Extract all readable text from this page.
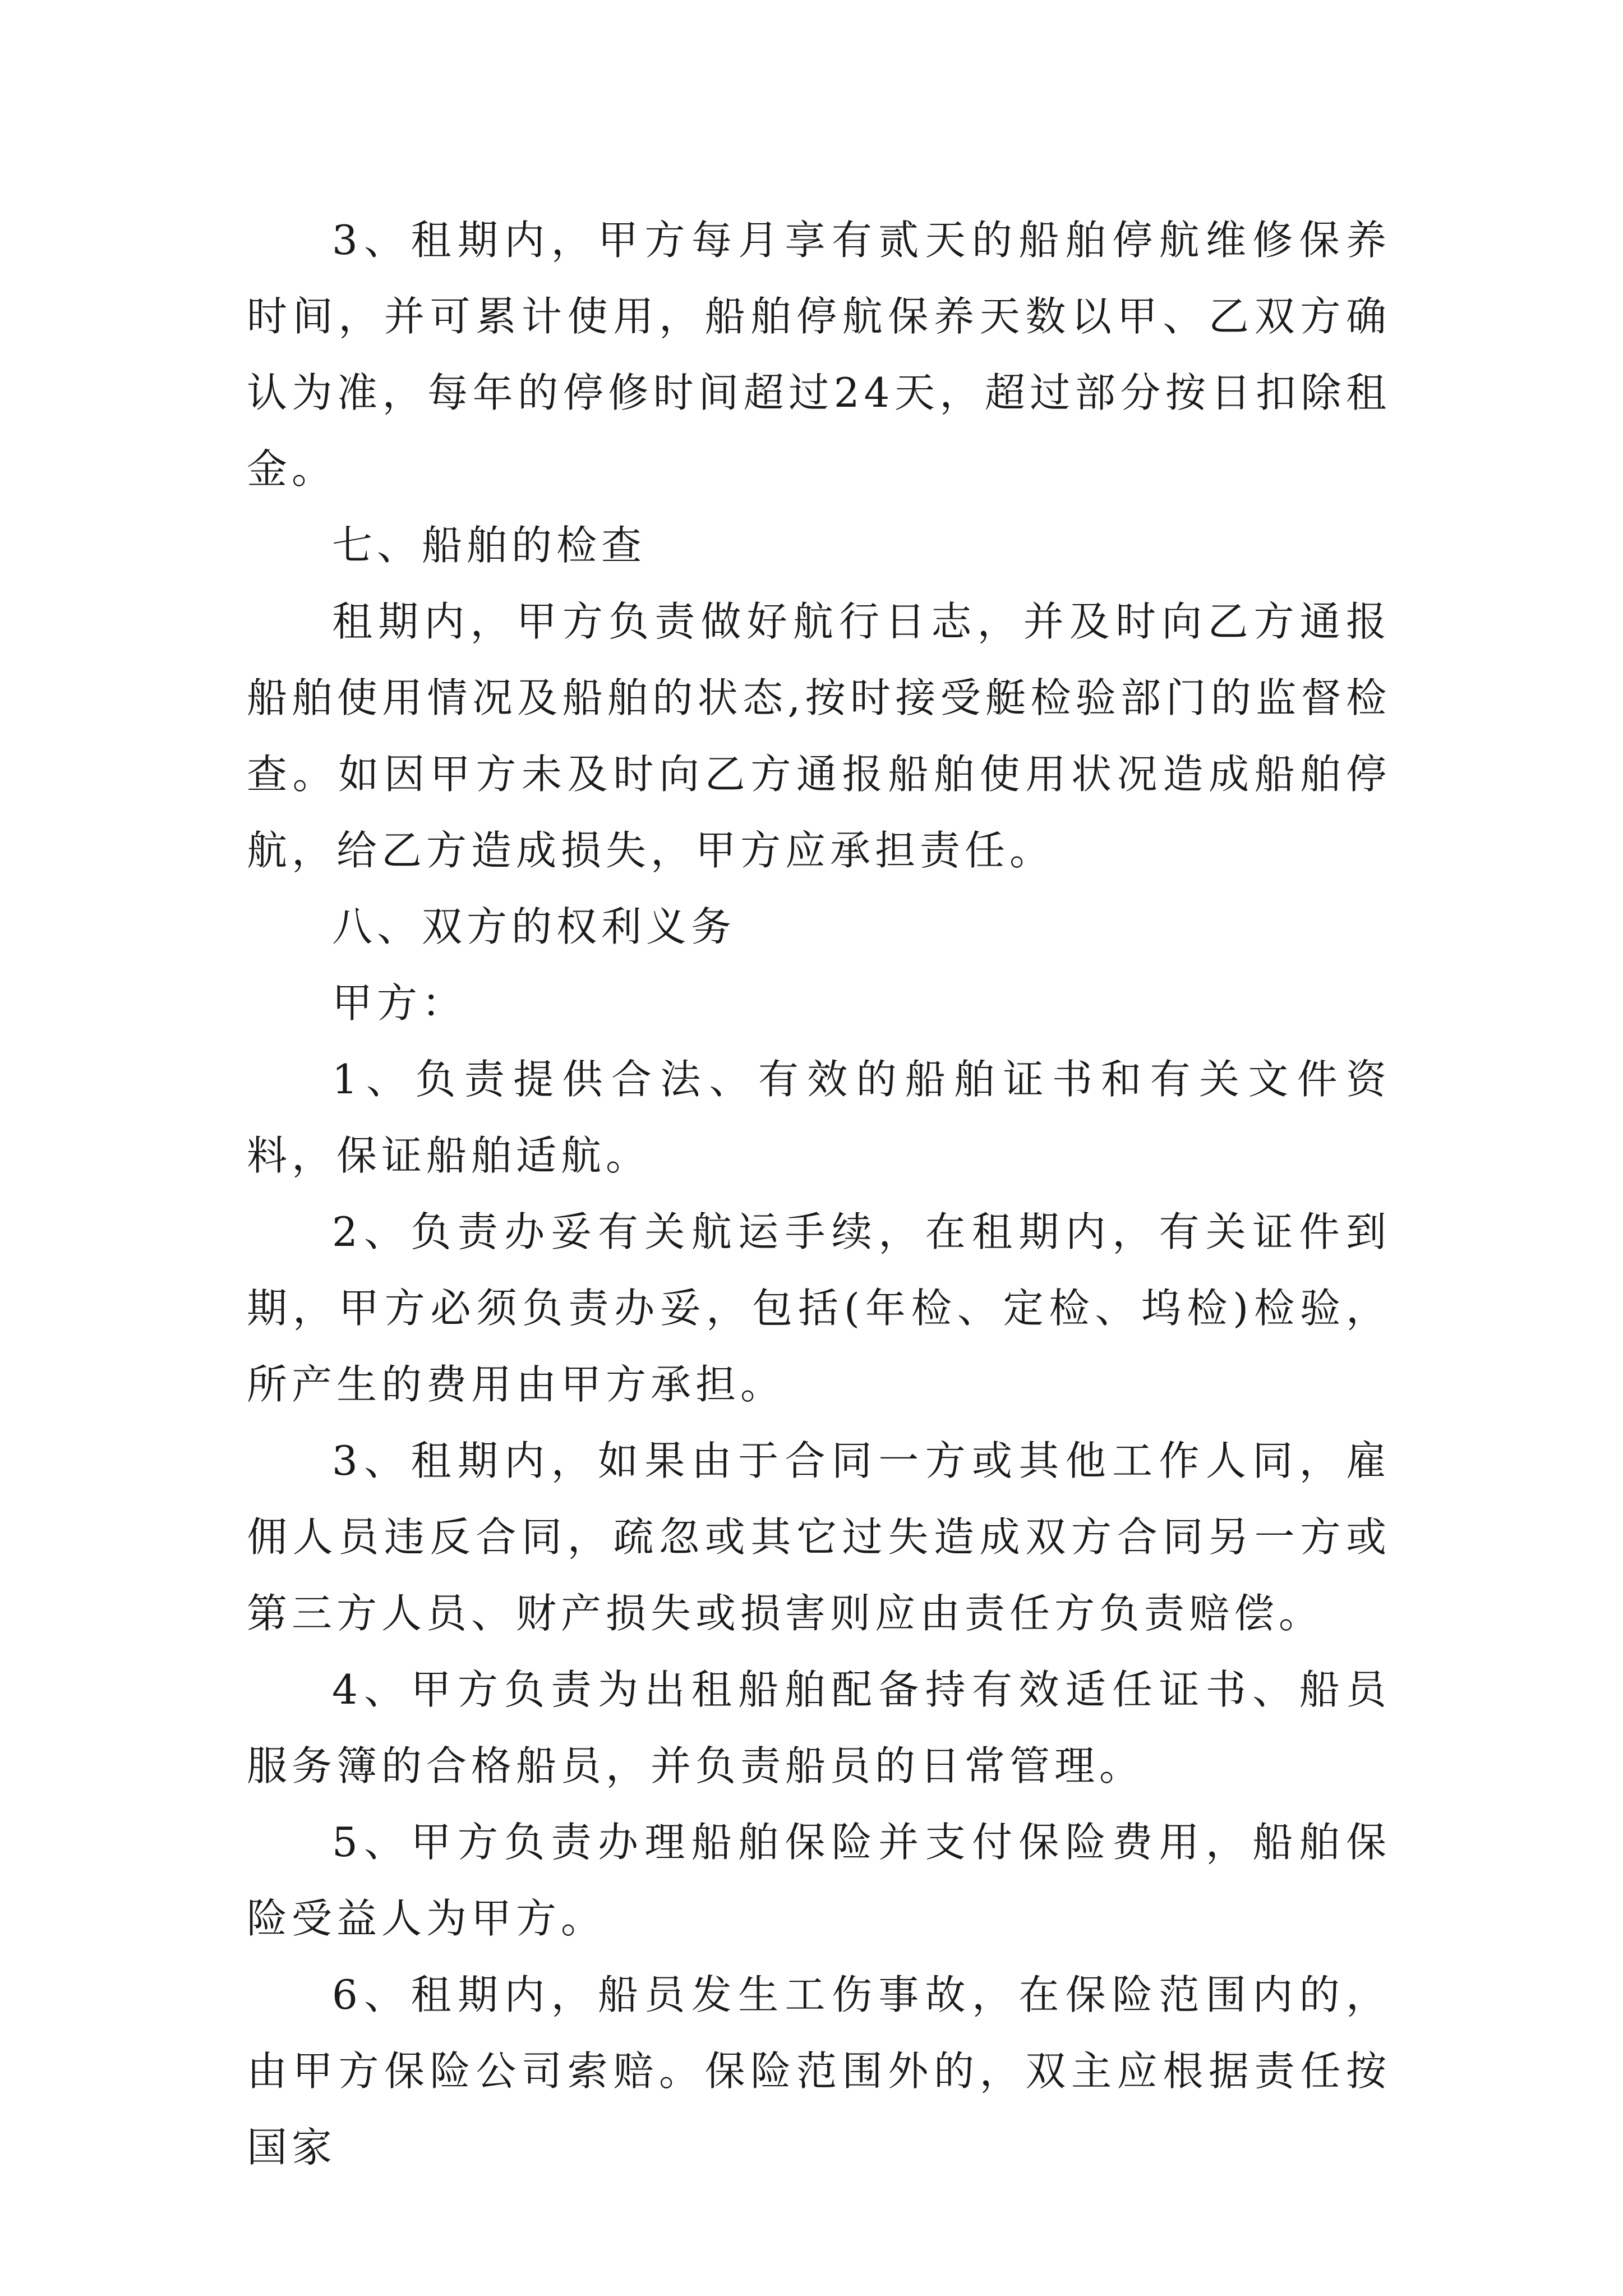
3、租期内，甲方每月享有贰天的船舶停航维修保养时间，并可累计使用，船舶停航保养天数以甲、乙双方确认为准，每年的停修时间超过24天，超过部分按日扣除租金。

七、船舶的检查

租期内，甲方负责做好航行日志，并及时向乙方通报船舶使用情况及船舶的状态,按时接受艇检验部门的监督检查。如因甲方未及时向乙方通报船舶使用状况造成船舶停航，给乙方造成损失，甲方应承担责任。

八、双方的权利义务

甲方：

1、负责提供合法、有效的船舶证书和有关文件资料，保证船舶适航。

2、负责办妥有关航运手续，在租期内，有关证件到期，甲方必须负责办妥，包括(年检、定检、坞检)检验，所产生的费用由甲方承担。

3、租期内，如果由于合同一方或其他工作人同，雇佣人员违反合同，疏忽或其它过失造成双方合同另一方或第三方人员、财产损失或损害则应由责任方负责赔偿。

4、甲方负责为出租船舶配备持有效适任证书、船员服务簿的合格船员，并负责船员的日常管理。

5、甲方负责办理船舶保险并支付保险费用，船舶保险受益人为甲方。

6、租期内，船员发生工伤事故，在保险范围内的，由甲方保险公司索赔。保险范围外的，双主应根据责任按国家
